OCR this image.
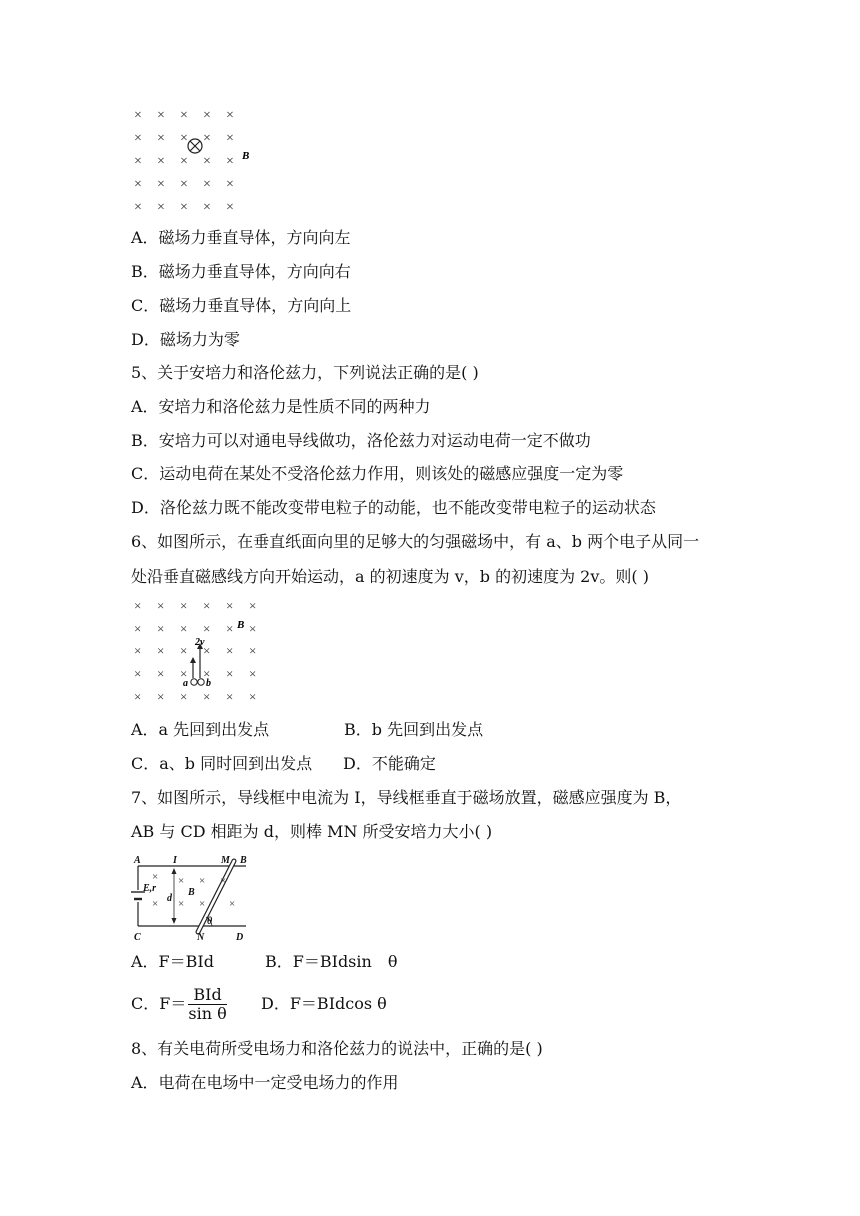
× × × × ×
× × × × ×
× × × × ×
× × × × ×
× × × × ×
B
A．磁场力垂直导体，方向向左
B．磁场力垂直导体，方向向右
C．磁场力垂直导体，方向向上
D．磁场力为零
5、关于安培力和洛伦兹力，下列说法正确的是( )
A．安培力和洛伦兹力是性质不同的两种力
B．安培力可以对通电导线做功，洛伦兹力对运动电荷一定不做功
C．运动电荷在某处不受洛伦兹力作用，则该处的磁感应强度一定为零
D．洛伦兹力既不能改变带电粒子的动能，也不能改变带电粒子的运动状态
6、如图所示，在垂直纸面向里的足够大的匀强磁场中，有 a、b 两个电子从同一
处沿垂直磁感线方向开始运动，a 的初速度为 v，b 的初速度为 2v。则( )
× × × × × ×
× × × × × ×
× × × × × ×
× × × × × ×
× × × × × ×
B
2v
a b
A．a 先回到出发点	B．b 先回到出发点
C．a、b 同时回到出发点 D．不能确定
7、如图所示，导线框中电流为 I，导线框垂直于磁场放置，磁感应强度为 B，
AB 与 CD 相距为 d，则棒 MN 所受安培力大小( )
× × × ×
× × × ×
A	I	M B
E,r	B
d
θ
C	N	D
A．F＝BId	B．F＝BIdsin　θ
C．$F= \frac{\text{BId}}{\text{sin θ}}$ D．F＝BIdcos θ
8、有关电荷所受电场力和洛伦兹力的说法中，正确的是( )
A．电荷在电场中一定受电场力的作用
